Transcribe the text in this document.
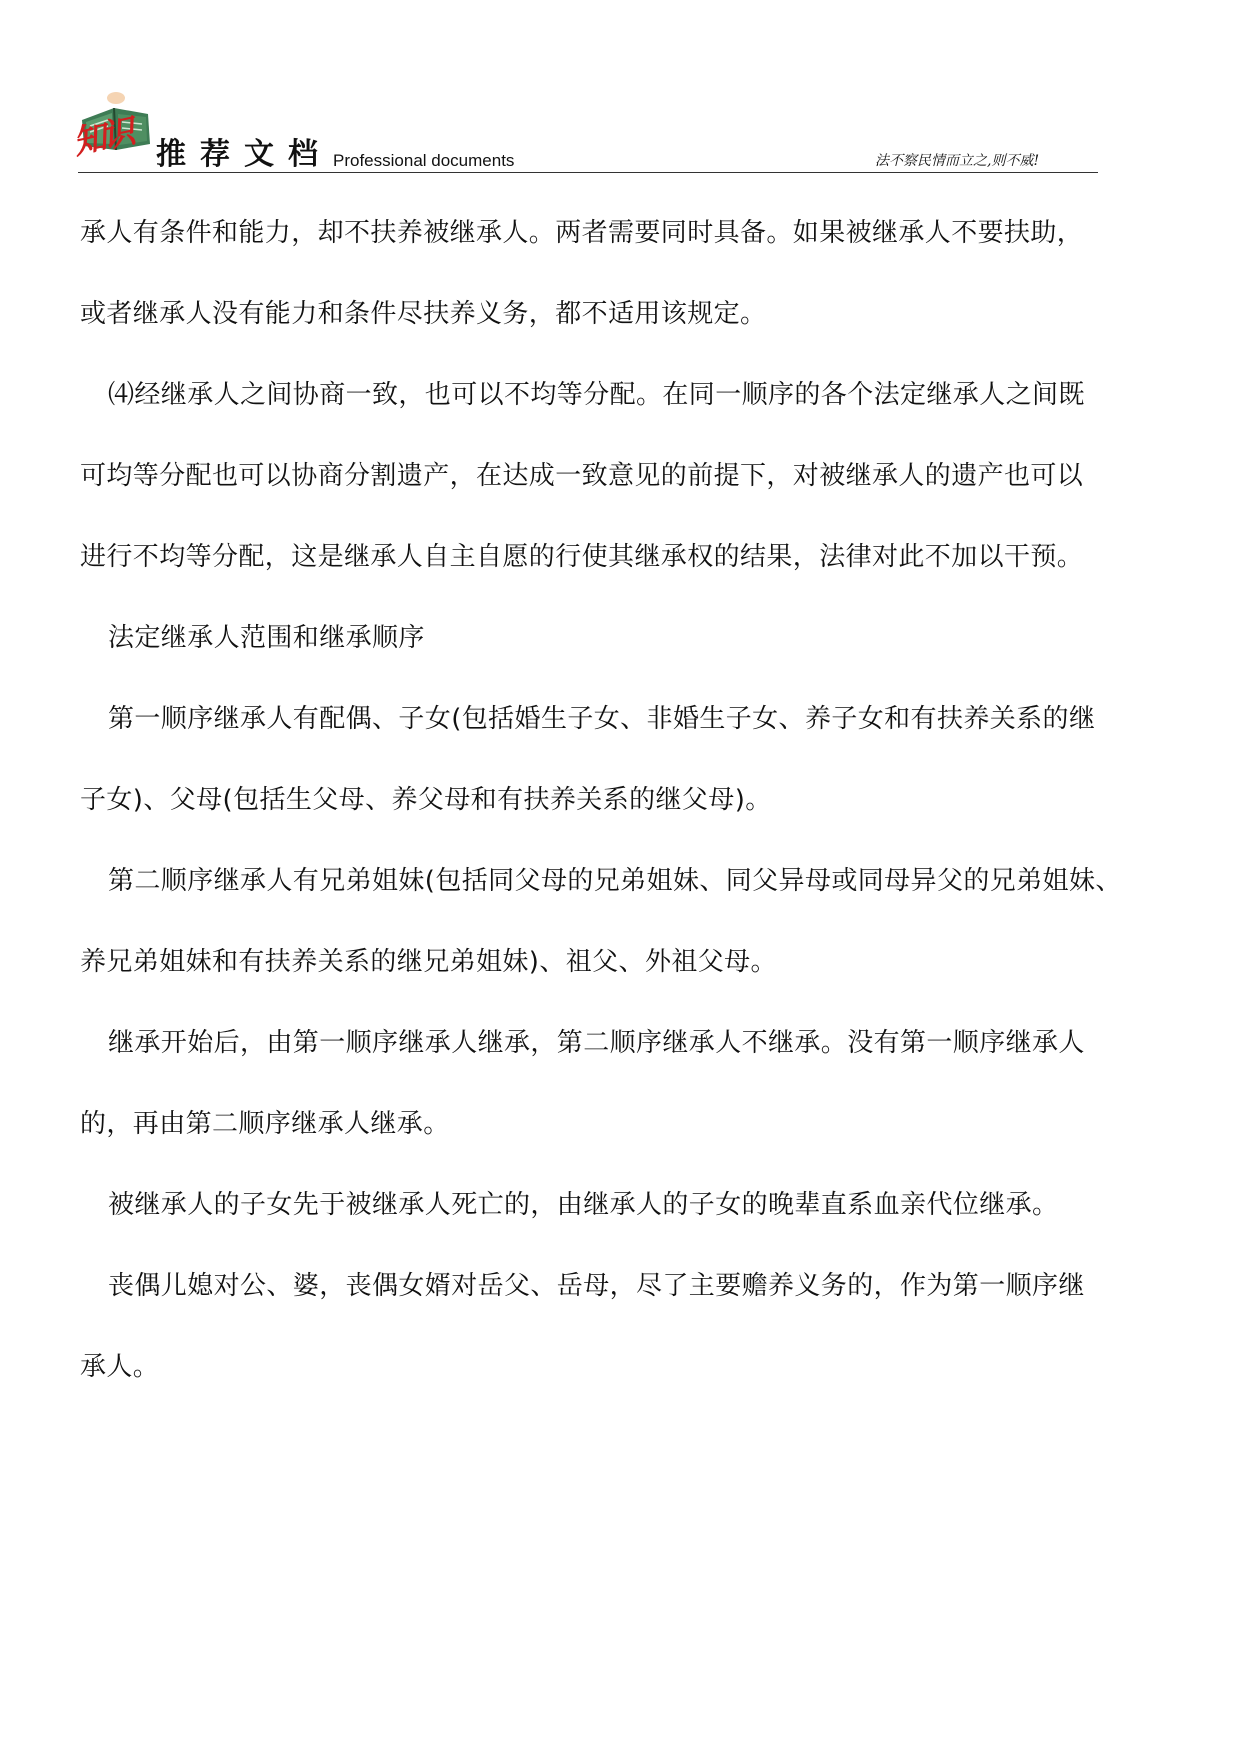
知识 推荐文档 Professional documents	法不察民情而立之,则不威!

承人有条件和能力，却不扶养被继承人。两者需要同时具备。如果被继承人不要扶助，
或者继承人没有能力和条件尽扶养义务，都不适用该规定。

⑷经继承人之间协商一致，也可以不均等分配。在同一顺序的各个法定继承人之间既
可均等分配也可以协商分割遗产，在达成一致意见的前提下，对被继承人的遗产也可以
进行不均等分配，这是继承人自主自愿的行使其继承权的结果，法律对此不加以干预。

法定继承人范围和继承顺序

第一顺序继承人有配偶、子女(包括婚生子女、非婚生子女、养子女和有扶养关系的继
子女)、父母(包括生父母、养父母和有扶养关系的继父母)。

第二顺序继承人有兄弟姐妹(包括同父母的兄弟姐妹、同父异母或同母异父的兄弟姐妹、
养兄弟姐妹和有扶养关系的继兄弟姐妹)、祖父、外祖父母。

继承开始后，由第一顺序继承人继承，第二顺序继承人不继承。没有第一顺序继承人
的，再由第二顺序继承人继承。

被继承人的子女先于被继承人死亡的，由继承人的子女的晚辈直系血亲代位继承。

丧偶儿媳对公、婆，丧偶女婿对岳父、岳母，尽了主要赡养义务的，作为第一顺序继
承人。
